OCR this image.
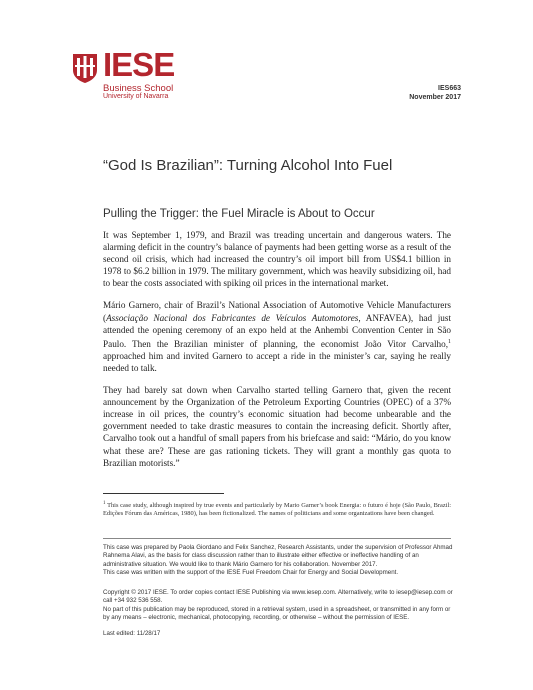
IESE
Business School
University of Navarra
IES663
November 2017
“God Is Brazilian”: Turning Alcohol Into Fuel
Pulling the Trigger: the Fuel Miracle is About to Occur

It was September 1, 1979, and Brazil was treading uncertain and dangerous waters. The alarming deficit in the country’s balance of payments had been getting worse as a result of the second oil crisis, which had increased the country’s oil import bill from US$4.1 billion in 1978 to $6.2 billion in 1979. The military government, which was heavily subsidizing oil, had to bear the costs associated with spiking oil prices in the international market.

Mário Garnero, chair of Brazil’s National Association of Automotive Vehicle Manufacturers (Associação Nacional dos Fabricantes de Veículos Automotores, ANFAVEA), had just attended the opening ceremony of an expo held at the Anhembi Convention Center in São Paulo. Then the Brazilian minister of planning, the economist João Vitor Carvalho,$^1$ approached him and invited Garnero to accept a ride in the minister’s car, saying he really needed to talk.

They had barely sat down when Carvalho started telling Garnero that, given the recent announcement by the Organization of the Petroleum Exporting Countries (OPEC) of a 37% increase in oil prices, the country’s economic situation had become unbearable and the government needed to take drastic measures to contain the increasing deficit. Shortly after, Carvalho took out a handful of small papers from his briefcase and said: “Mário, do you know what these are? These are gas rationing tickets. They will grant a monthly gas quota to Brazilian motorists.”

$^1$ This case study, although inspired by true events and particularly by Mario Garner’s book Energia: o futuro é hoje (São Paulo, Brazil: Edições Fórum das Américas, 1980), has been fictionalized. The names of politicians and some organizations have been changed.

This case was prepared by Paola Giordano and Felix Sanchez, Research Assistants, under the supervision of Professor Ahmad Rahnema Alavi, as the basis for class discussion rather than to illustrate either effective or ineffective handling of an administrative situation. We would like to thank Mário Garnero for his collaboration. November 2017.

This case was written with the support of the IESE Fuel Freedom Chair for Energy and Social Development.

Copyright © 2017 IESE. To order copies contact IESE Publishing via www.iesep.com. Alternatively, write to iesep@iesep.com or call +34 932 536 558.

No part of this publication may be reproduced, stored in a retrieval system, used in a spreadsheet, or transmitted in any form or by any means – electronic, mechanical, photocopying, recording, or otherwise – without the permission of IESE.

Last edited: 11/28/17
